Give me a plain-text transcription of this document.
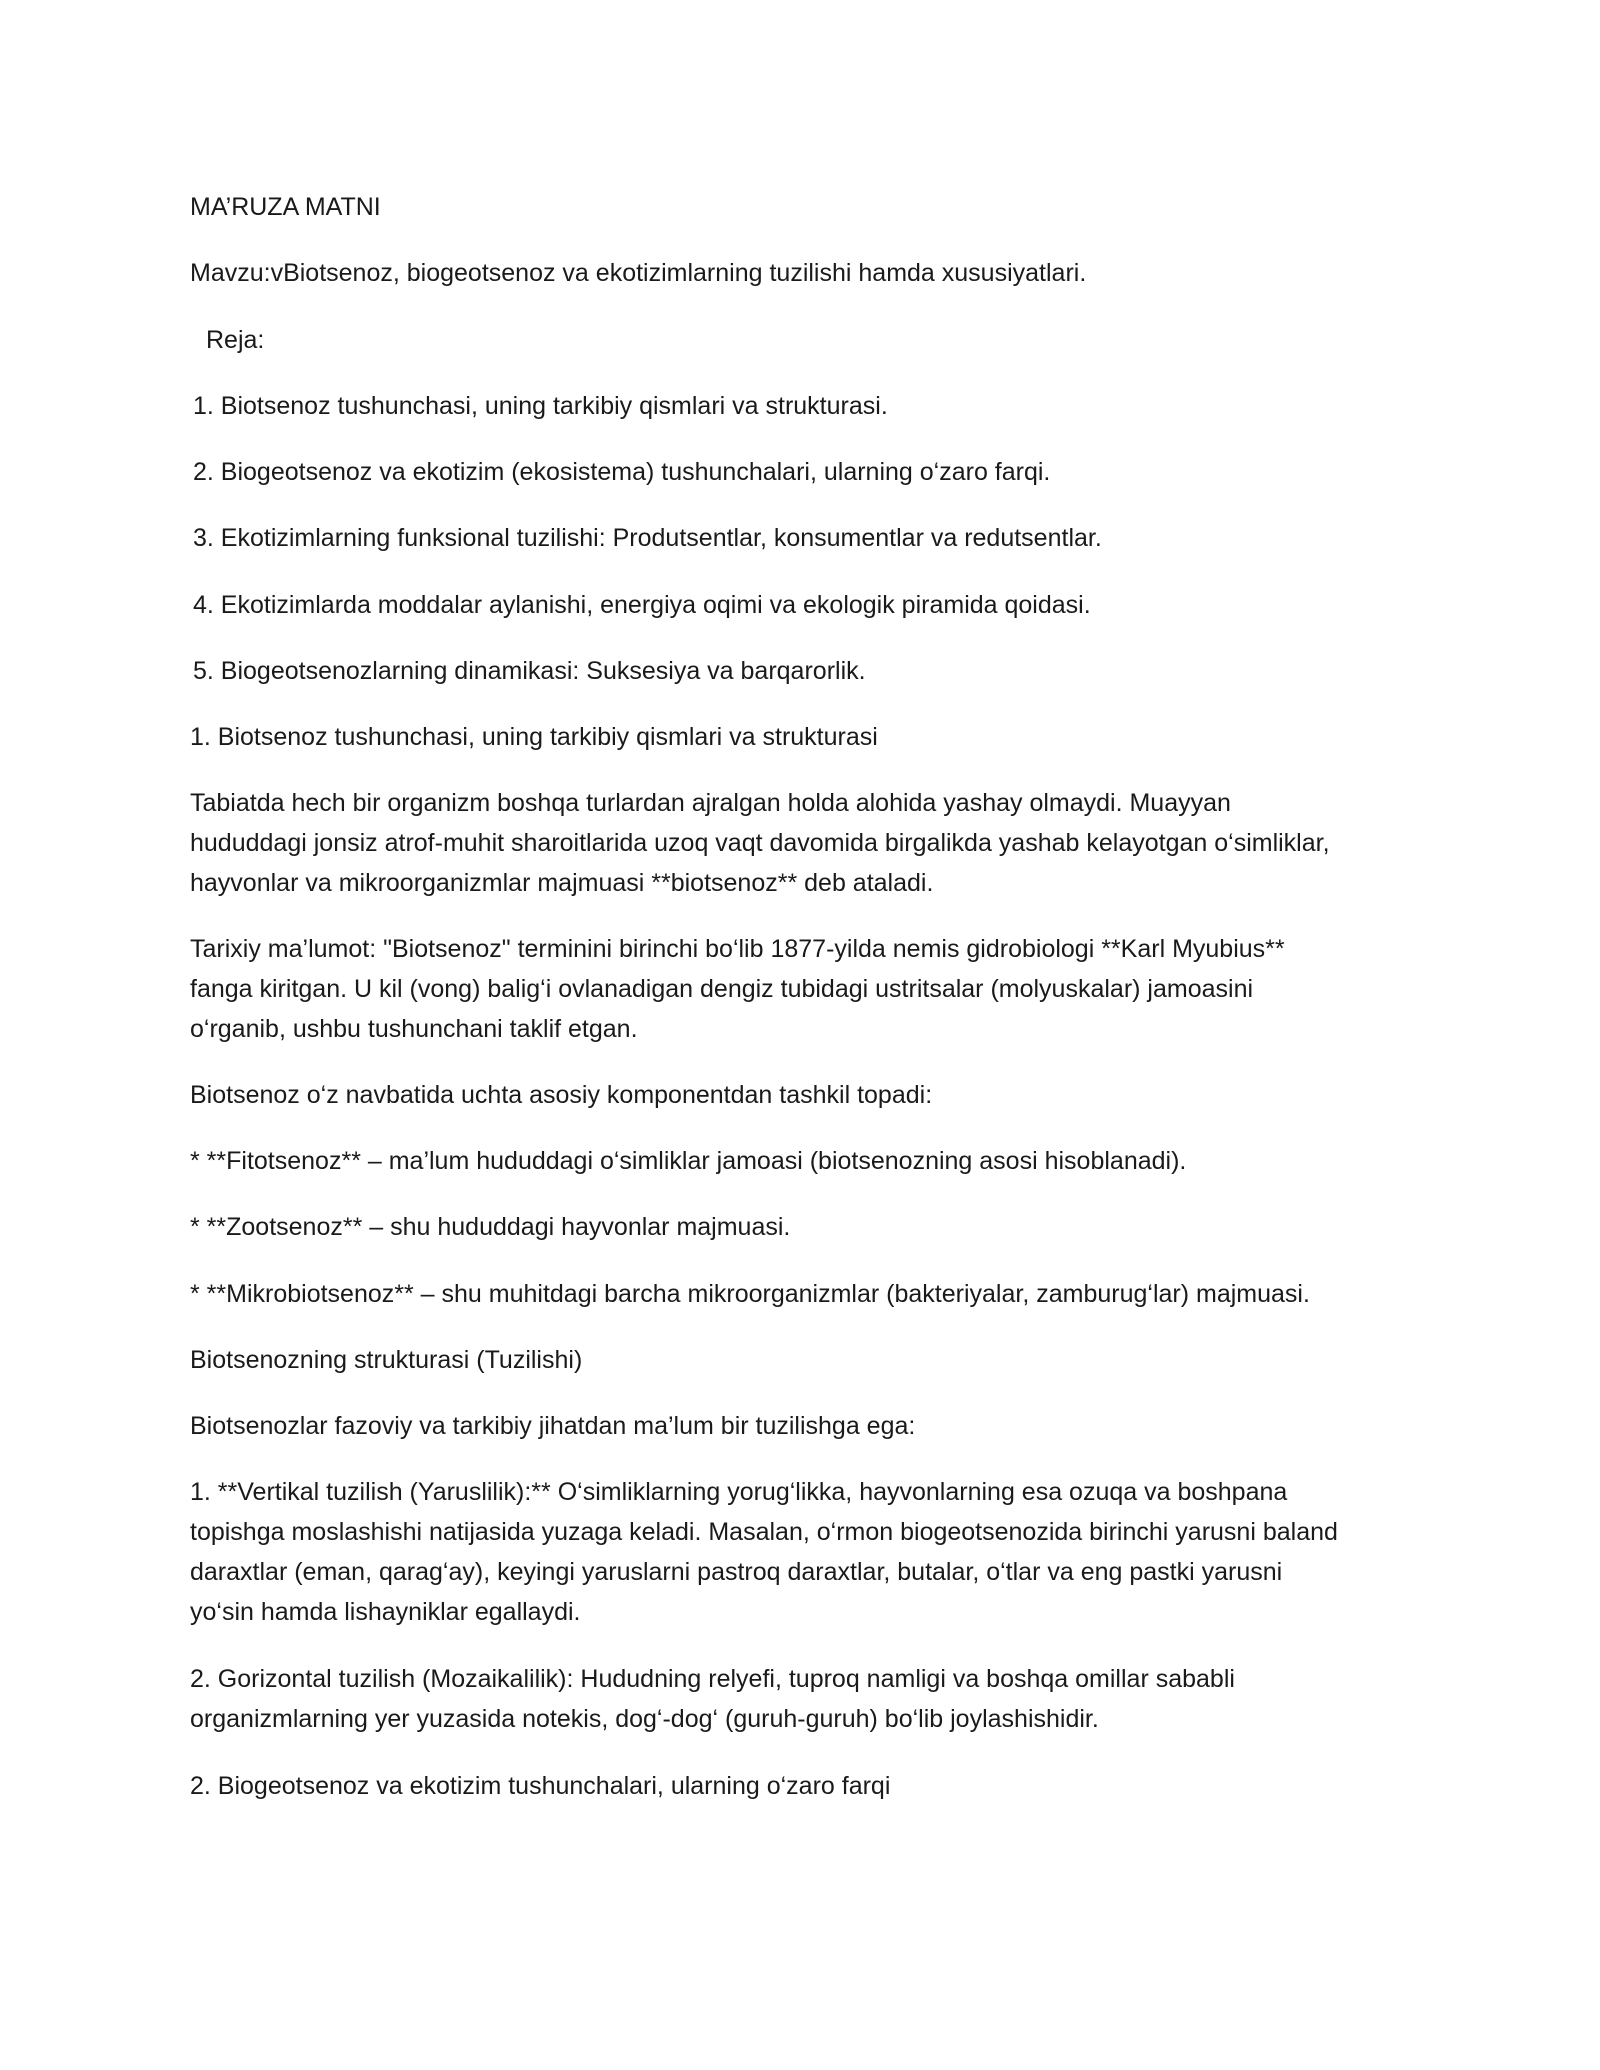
MA’RUZA MATNI
Mavzu:vBiotsenoz, biogeotsenoz va ekotizimlarning tuzilishi hamda xususiyatlari.
Reja:
1. Biotsenoz tushunchasi, uning tarkibiy qismlari va strukturasi.
2. Biogeotsenoz va ekotizim (ekosistema) tushunchalari, ularning o‘zaro farqi.
3. Ekotizimlarning funksional tuzilishi: Produtsentlar, konsumentlar va redutsentlar.
4. Ekotizimlarda moddalar aylanishi, energiya oqimi va ekologik piramida qoidasi.
5. Biogeotsenozlarning dinamikasi: Suksesiya va barqarorlik.
1. Biotsenoz tushunchasi, uning tarkibiy qismlari va strukturasi
Tabiatda hech bir organizm boshqa turlardan ajralgan holda alohida yashay olmaydi. Muayyan
hududdagi jonsiz atrof-muhit sharoitlarida uzoq vaqt davomida birgalikda yashab kelayotgan o‘simliklar,
hayvonlar va mikroorganizmlar majmuasi **biotsenoz** deb ataladi.
Tarixiy ma’lumot: "Biotsenoz" terminini birinchi bo‘lib 1877-yilda nemis gidrobiologi **Karl Myubius**
fanga kiritgan. U kil (vong) balig‘i ovlanadigan dengiz tubidagi ustritsalar (molyuskalar) jamoasini
o‘rganib, ushbu tushunchani taklif etgan.
Biotsenoz o‘z navbatida uchta asosiy komponentdan tashkil topadi:
* **Fitotsenoz** – ma’lum hududdagi o‘simliklar jamoasi (biotsenozning asosi hisoblanadi).
* **Zootsenoz** – shu hududdagi hayvonlar majmuasi.
* **Mikrobiotsenoz** – shu muhitdagi barcha mikroorganizmlar (bakteriyalar, zamburug‘lar) majmuasi.
Biotsenozning strukturasi (Tuzilishi)
Biotsenozlar fazoviy va tarkibiy jihatdan ma’lum bir tuzilishga ega:
1. **Vertikal tuzilish (Yaruslilik):** O‘simliklarning yorug‘likka, hayvonlarning esa ozuqa va boshpana
topishga moslashishi natijasida yuzaga keladi. Masalan, o‘rmon biogeotsenozida birinchi yarusni baland
daraxtlar (eman, qarag‘ay), keyingi yaruslarni pastroq daraxtlar, butalar, o‘tlar va eng pastki yarusni
yo‘sin hamda lishayniklar egallaydi.
2. Gorizontal tuzilish (Mozaikalilik): Hududning relyefi, tuproq namligi va boshqa omillar sababli
organizmlarning yer yuzasida notekis, dog‘-dog‘ (guruh-guruh) bo‘lib joylashishidir.
2. Biogeotsenoz va ekotizim tushunchalari, ularning o‘zaro farqi
